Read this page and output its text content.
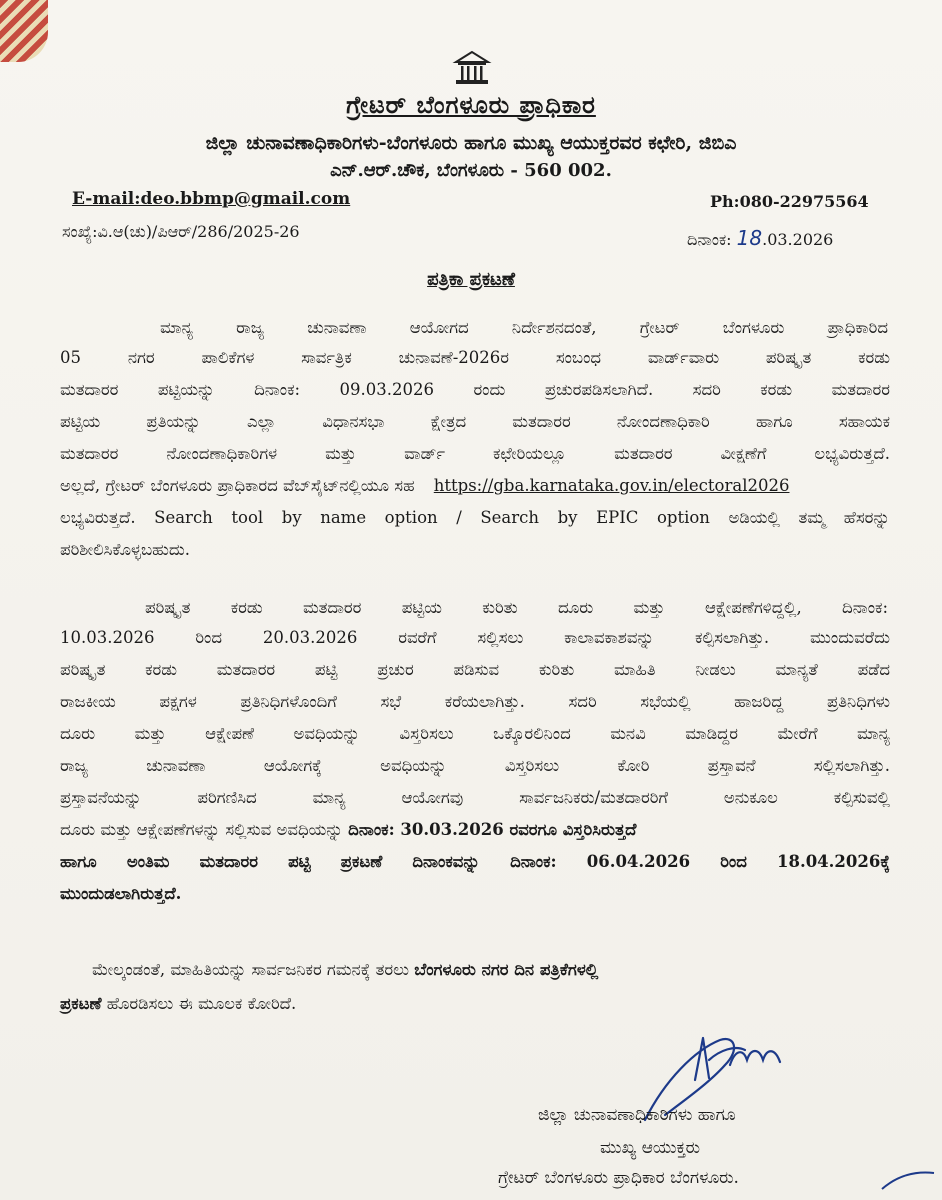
ಗ್ರೇಟರ್ ಬೆಂಗಳೂರು ಪ್ರಾಧಿಕಾರ
ಜಿಲ್ಲಾ ಚುನಾವಣಾಧಿಕಾರಿಗಳು-ಬೆಂಗಳೂರು ಹಾಗೂ ಮುಖ್ಯ ಆಯುಕ್ತರವರ ಕಛೇರಿ, ಜಿಬಿಎ
ಎನ್.ಆರ್.ಚೌಕ, ಬೆಂಗಳೂರು - 560 002.
E-mail:deo.bbmp@gmail.com	Ph:080-22975564
ಸಂಖ್ಯೆ:ವಿ.ಆ(ಚು)/ಪಿಆರ್/286/2025-26	ದಿನಾಂಕ: 18.03.2026
ಪತ್ರಿಕಾ ಪ್ರಕಟಣೆ
ಮಾನ್ಯ ರಾಜ್ಯ ಚುನಾವಣಾ ಆಯೋಗದ ನಿರ್ದೇಶನದಂತೆ, ಗ್ರೇಟರ್ ಬೆಂಗಳೂರು ಪ್ರಾಧಿಕಾರಿದ
05 ನಗರ ಪಾಲಿಕೆಗಳ ಸಾರ್ವತ್ರಿಕ ಚುನಾವಣೆ-2026ರ ಸಂಬಂಧ ವಾರ್ಡ್‌ವಾರು ಪರಿಷ್ಕೃತ ಕರಡು
ಮತದಾರರ ಪಟ್ಟಿಯನ್ನು ದಿನಾಂಕ: 09.03.2026 ರಂದು ಪ್ರಚುರಪಡಿಸಲಾಗಿದೆ. ಸದರಿ ಕರಡು ಮತದಾರರ
ಪಟ್ಟಿಯ ಪ್ರತಿಯನ್ನು ಎಲ್ಲಾ ವಿಧಾನಸಭಾ ಕ್ಷೇತ್ರದ ಮತದಾರರ ನೋಂದಣಾಧಿಕಾರಿ ಹಾಗೂ ಸಹಾಯಕ
ಮತದಾರರ ನೋಂದಣಾಧಿಕಾರಿಗಳ ಮತ್ತು ವಾರ್ಡ್ ಕಛೇರಿಯಲ್ಲೂ ಮತದಾರರ ವೀಕ್ಷಣೆಗೆ ಲಭ್ಯವಿರುತ್ತದೆ.
ಅಲ್ಲದೆ, ಗ್ರೇಟರ್ ಬೆಂಗಳೂರು ಪ್ರಾಧಿಕಾರದ ವೆಬ್‌ಸೈಟ್‌ನಲ್ಲಿಯೂ ಸಹ https://gba.karnataka.gov.in/electoral2026
ಲಭ್ಯವಿರುತ್ತದೆ. Search tool by name option / Search by EPIC option ಅಡಿಯಲ್ಲಿ ತಮ್ಮ ಹೆಸರನ್ನು
ಪರಿಶೀಲಿಸಿಕೊಳ್ಳಬಹುದು.
ಪರಿಷ್ಕೃತ ಕರಡು ಮತದಾರರ ಪಟ್ಟಿಯ ಕುರಿತು ದೂರು ಮತ್ತು ಆಕ್ಷೇಪಣೆಗಳಿದ್ದಲ್ಲಿ, ದಿನಾಂಕ:
10.03.2026 ರಿಂದ 20.03.2026 ರವರೆಗೆ ಸಲ್ಲಿಸಲು ಕಾಲಾವಕಾಶವನ್ನು ಕಲ್ಪಿಸಲಾಗಿತ್ತು. ಮುಂದುವರೆದು
ಪರಿಷ್ಕೃತ ಕರಡು ಮತದಾರರ ಪಟ್ಟಿ ಪ್ರಚುರ ಪಡಿಸುವ ಕುರಿತು ಮಾಹಿತಿ ನೀಡಲು ಮಾನ್ಯತೆ ಪಡೆದ
ರಾಜಕೀಯ ಪಕ್ಷಗಳ ಪ್ರತಿನಿಧಿಗಳೊಂದಿಗೆ ಸಭೆ ಕರೆಯಲಾಗಿತ್ತು. ಸದರಿ ಸಭೆಯಲ್ಲಿ ಹಾಜರಿದ್ದ ಪ್ರತಿನಿಧಿಗಳು
ದೂರು ಮತ್ತು ಆಕ್ಷೇಪಣೆ ಅವಧಿಯನ್ನು ವಿಸ್ತರಿಸಲು ಒಕ್ಕೊರಲಿನಿಂದ ಮನವಿ ಮಾಡಿದ್ದರ ಮೇರೆಗೆ ಮಾನ್ಯ
ರಾಜ್ಯ ಚುನಾವಣಾ ಆಯೋಗಕ್ಕೆ ಅವಧಿಯನ್ನು ವಿಸ್ತರಿಸಲು ಕೋರಿ ಪ್ರಸ್ತಾವನೆ ಸಲ್ಲಿಸಲಾಗಿತ್ತು.
ಪ್ರಸ್ತಾವನೆಯನ್ನು ಪರಿಗಣಿಸಿದ ಮಾನ್ಯ ಆಯೋಗವು ಸಾರ್ವಜನಿಕರು/ಮತದಾರರಿಗೆ ಅನುಕೂಲ ಕಲ್ಪಿಸುವಲ್ಲಿ
ದೂರು ಮತ್ತು ಆಕ್ಷೇಪಣೆಗಳನ್ನು ಸಲ್ಲಿಸುವ ಅವಧಿಯನ್ನು ದಿನಾಂಕ: 30.03.2026 ರವರಗೂ ವಿಸ್ತರಿಸಿರುತ್ತದೆ
ಹಾಗೂ ಅಂತಿಮ ಮತದಾರರ ಪಟ್ಟಿ ಪ್ರಕಟಣೆ ದಿನಾಂಕವನ್ನು ದಿನಾಂಕ: 06.04.2026 ರಿಂದ 18.04.2026ಕ್ಕೆ
ಮುಂದುಡಲಾಗಿರುತ್ತದೆ.
ಮೇಲ್ಕಂಡಂತೆ, ಮಾಹಿತಿಯನ್ನು ಸಾರ್ವಜನಿಕರ ಗಮನಕ್ಕೆ ತರಲು ಬೆಂಗಳೂರು ನಗರ ದಿನ ಪತ್ರಿಕೆಗಳಲ್ಲಿ
ಪ್ರಕಟಣೆ ಹೊರಡಿಸಲು ಈ ಮೂಲಕ ಕೋರಿದೆ.
ಜಿಲ್ಲಾ ಚುನಾವಣಾಧಿಕಾರಿಗಳು ಹಾಗೂ
ಮುಖ್ಯ ಆಯುಕ್ತರು
ಗ್ರೇಟರ್ ಬೆಂಗಳೂರು ಪ್ರಾಧಿಕಾರ ಬೆಂಗಳೂರು.
